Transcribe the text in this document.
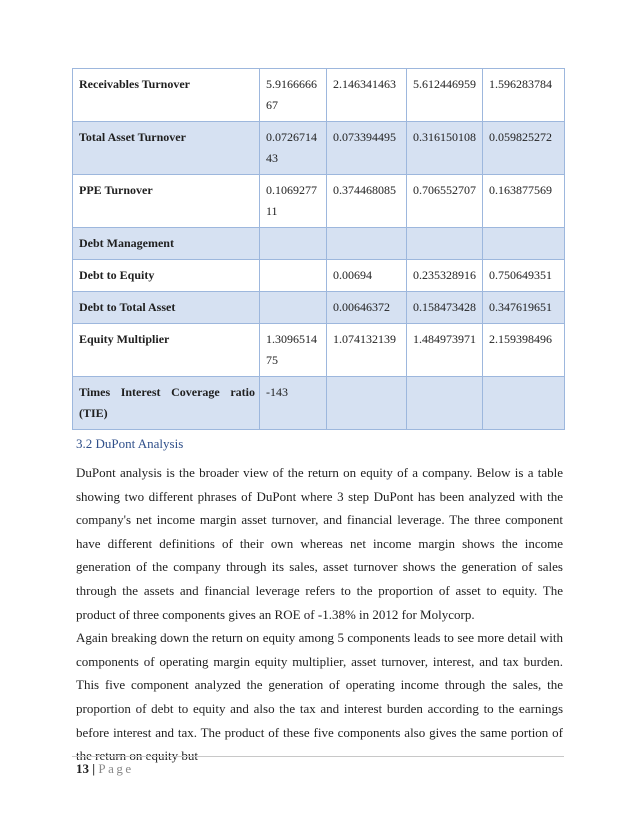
Receivables Turnover	5.916666667	2.146341463	5.612446959	1.596283784
Total Asset Turnover	0.072671443	0.073394495	0.316150108	0.059825272
PPE Turnover	0.106927711	0.374468085	0.706552707	0.163877569
Debt Management				
Debt to Equity		0.00694	0.235328916	0.750649351
Debt to Total Asset		0.00646372	0.158473428	0.347619651
Equity Multiplier	1.309651475	1.074132139	1.484973971	2.159398496
Times Interest Coverage ratio (TIE)	-143			
3.2 DuPont Analysis

DuPont analysis is the broader view of the return on equity of a company. Below is a table showing two different phrases of DuPont where 3 step DuPont has been analyzed with the company's net income margin asset turnover, and financial leverage. The three component have different definitions of their own whereas net income margin shows the income generation of the company through its sales, asset turnover shows the generation of sales through the assets and financial leverage refers to the proportion of asset to equity. The product of three components gives an ROE of -1.38% in 2012 for Molycorp.

Again breaking down the return on equity among 5 components leads to see more detail with components of operating margin equity multiplier, asset turnover, interest, and tax burden. This five component analyzed the generation of operating income through the sales, the proportion of debt to equity and also the tax and interest burden according to the earnings before interest and tax. The product of these five components also gives the same portion of the return on equity but

13 | Page
